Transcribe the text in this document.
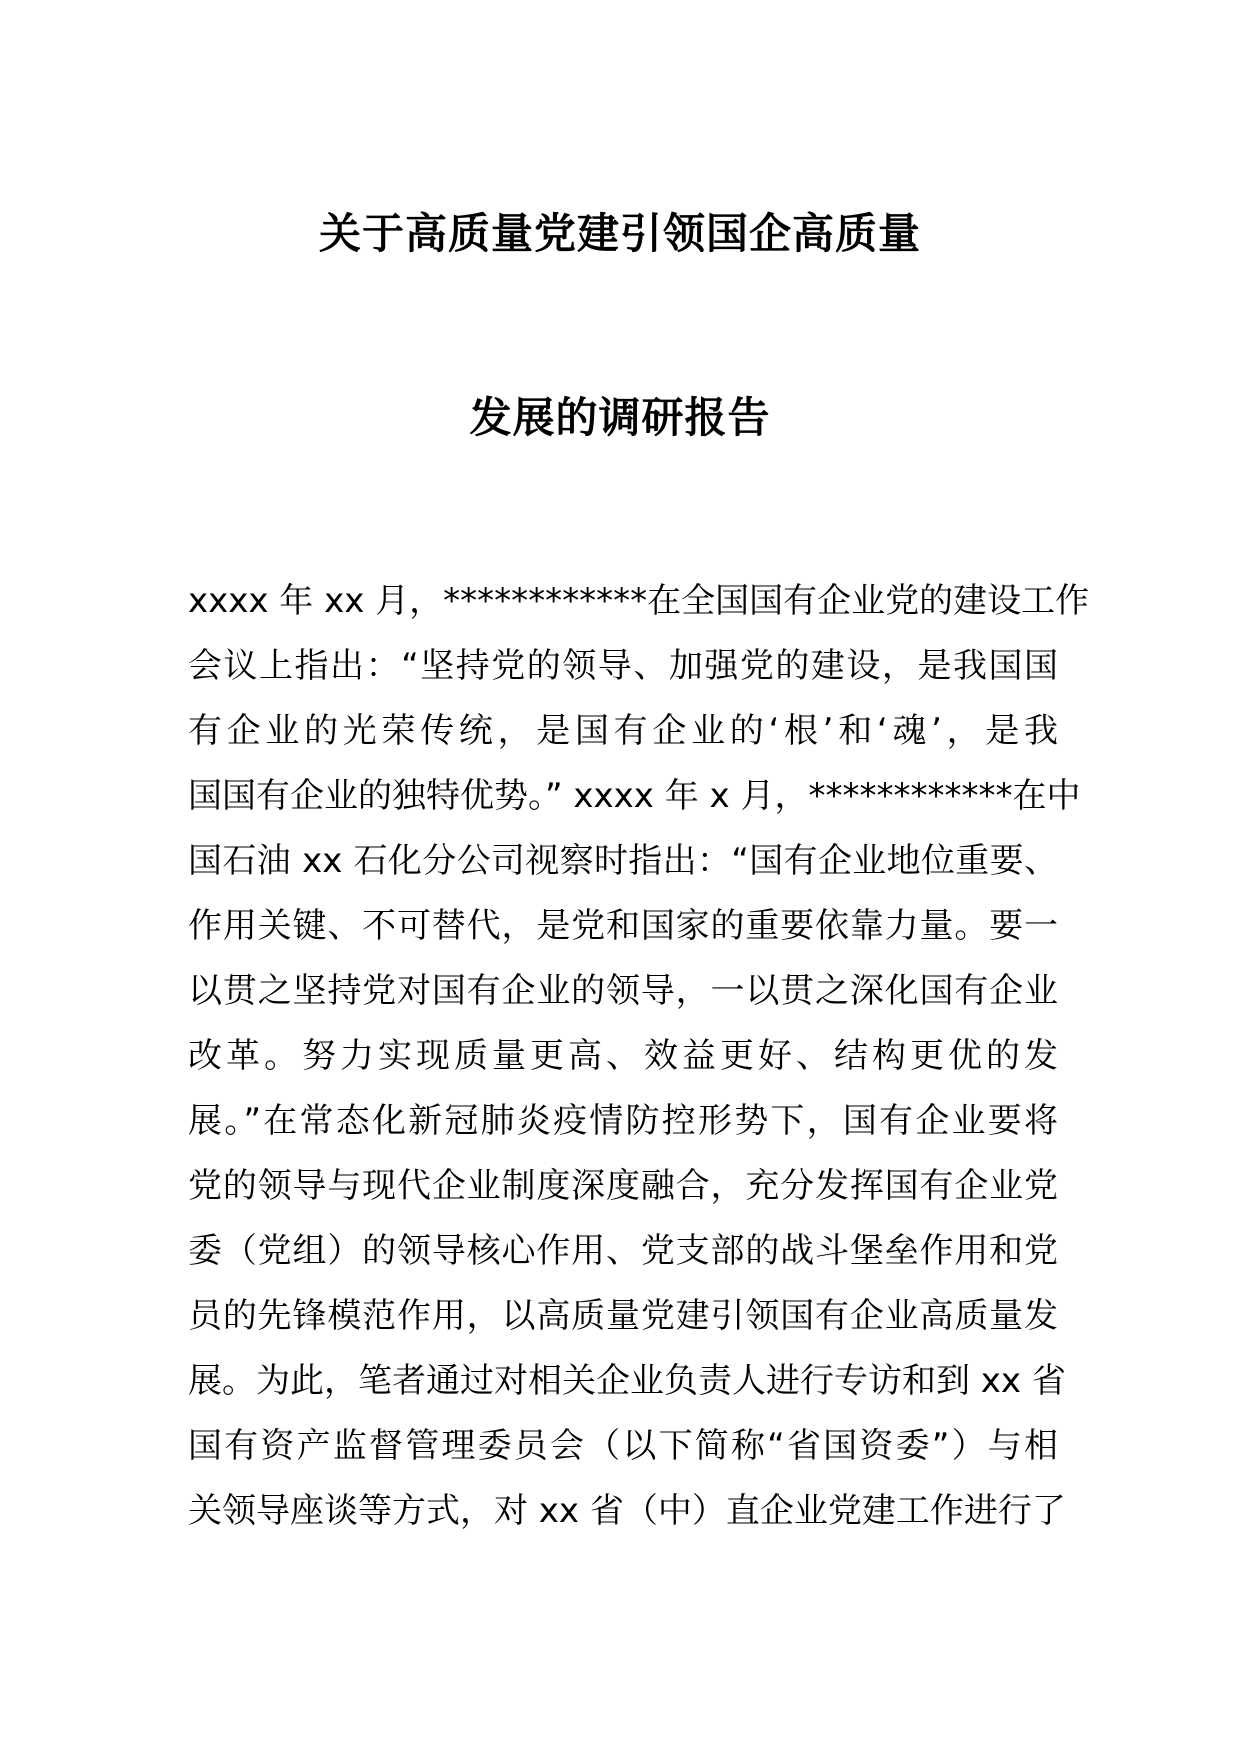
关于高质量党建引领国企高质量
发展的调研报告
xxxx 年 xx 月，************在全国国有企业党的建设工作
会议上指出：“坚持党的领导、加强党的建设，是我国国
有企业的光荣传统，是国有企业的‘根’和‘魂’，是我
国国有企业的独特优势。” xxxx 年 x 月，************在中
国石油 xx 石化分公司视察时指出：“国有企业地位重要、
作用关键、不可替代，是党和国家的重要依靠力量。要一
以贯之坚持党对国有企业的领导，一以贯之深化国有企业
改革。努力实现质量更高、效益更好、结构更优的发
展。”在常态化新冠肺炎疫情防控形势下，国有企业要将
党的领导与现代企业制度深度融合，充分发挥国有企业党
委（党组）的领导核心作用、党支部的战斗堡垒作用和党
员的先锋模范作用，以高质量党建引领国有企业高质量发
展。为此，笔者通过对相关企业负责人进行专访和到 xx 省
国有资产监督管理委员会（以下简称“省国资委”）与相
关领导座谈等方式，对 xx 省（中）直企业党建工作进行了
